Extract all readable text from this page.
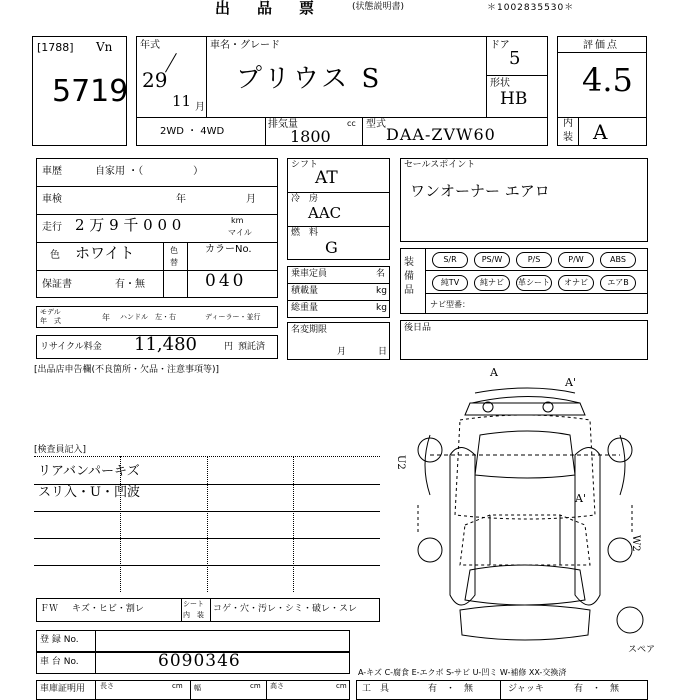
出　品　票	(状態説明書)	＊1002835530＊
[1788] Vn
5719
年式
29
11 月
車名・グレード
プリウス S
ドア
5
形状
HB
2WD ・ 4WD
排気量	cc
1800
型式
DAA-ZVW60
評価点
4.5
内
装 A
車歴	自家用 ・（　　　　　）
車検	年	月
走行 2 万 9 千 0 0 0	km
マイル
色 ホワイト	色
替
カラーNo.
040
保証書	有・無
モデル
年　式	年 ハンドル　左・右	ディーラー・並行
リサイクル料金 11,480	円 預託済
シフト
AT
冷　房
AAC
燃　料
G
乗車定員	名
積載量	kg
総重量	kg
名変期限
月	日
セールスポイント
ワンオーナー エアロ
装備品
S/R	PS/W	P/S	P/W	ABS
純TV	純ナビ	革シート	オナビ	エアB
ナビ型番：
後日品
[出品店申告欄(不良箇所・欠品・注意事項等)]
[検査員記入]
リアバンパーキズ
スリ入・U・凹波
A
A'
A'
U2
W2
スペア
ＦＷ キズ・ヒビ・割レ	シート
内　装
コゲ・穴・汚レ・シミ・破レ・スレ
登 録 No.
車 台 No.	6090346
A-キズ C-腐食 E-エクボ S-サビ U-凹ミ W-補修 XX-交換済
車庫証明用 長さ	cm 幅	cm 高さ	cm 工　具	有　・　無	ジャッキ	有　・　無
